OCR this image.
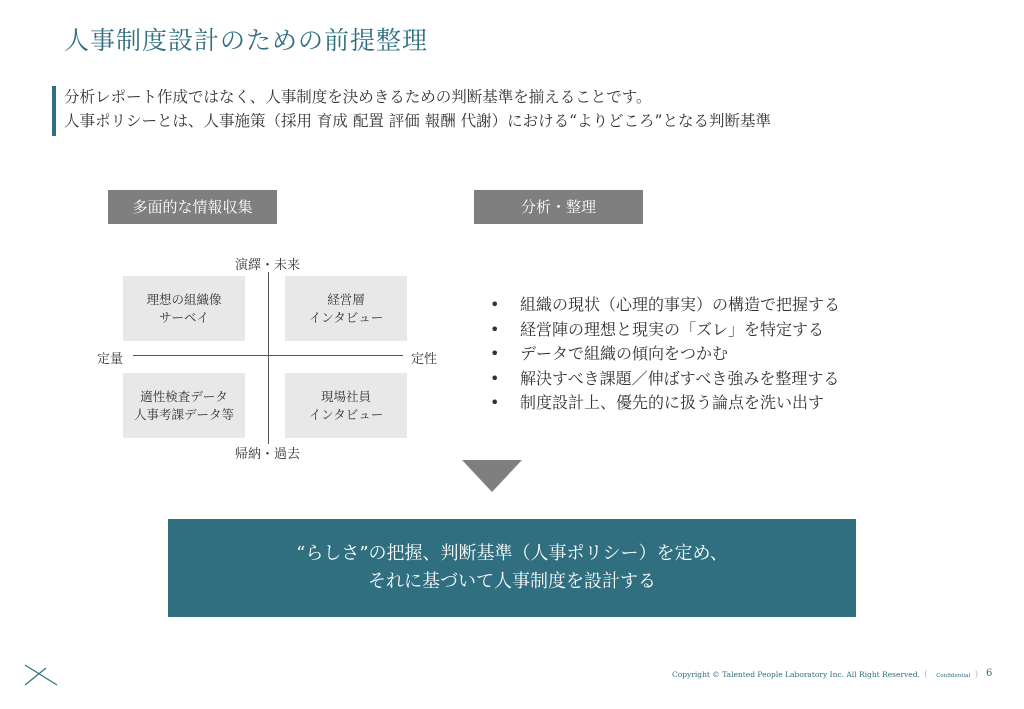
人事制度設計のための前提整理
分析レポート作成ではなく、人事制度を決めきるための判断基準を揃えることです。
人事ポリシーとは、人事施策（採用 育成 配置 評価 報酬 代謝）における“よりどころ”となる判断基準
多面的な情報収集	分析・整理
演繹・未来
帰納・過去
定量	定性
理想の組織像
サーベイ
経営層
インタビュー
適性検査データ
人事考課データ等
現場社員
インタビュー
• 組織の現状（心理的事実）の構造で把握する
• 経営陣の理想と現実の「ズレ」を特定する
• データで組織の傾向をつかむ
• 解決すべき課題／伸ばすべき強みを整理する
• 制度設計上、優先的に扱う論点を洗い出す
“らしさ”の把握、判断基準（人事ポリシー）を定め、
それに基づいて人事制度を設計する
Copyright © Talented People Laboratory Inc. All Right Reserved. ( Confidential ) 6
